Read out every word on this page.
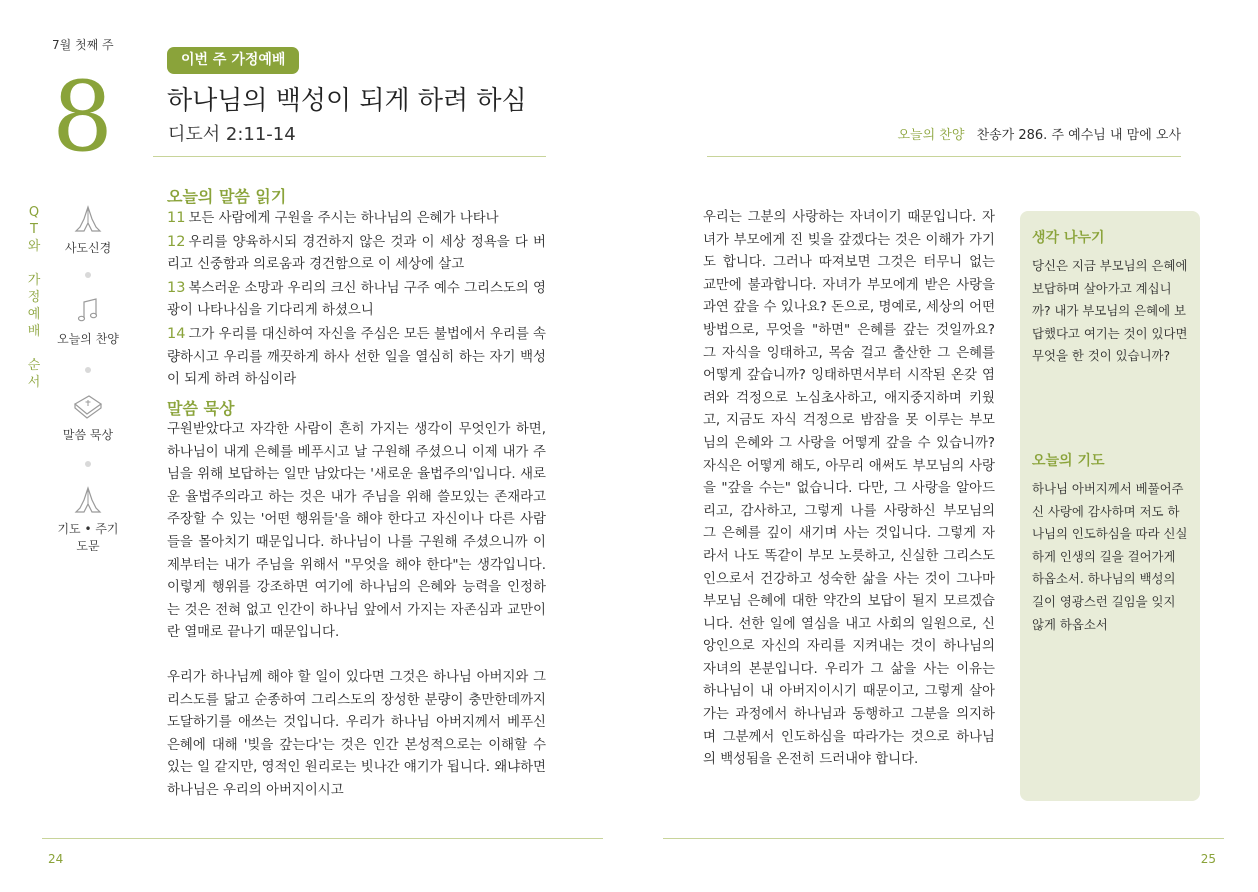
7월 첫째 주
8
이번 주 가정예배
하나님의 백성이 되게 하려 하심
디도서 2:11-14	오늘의 찬양 찬송가 286. 주 예수님 내 맘에 오사
Q
T
와

가
정
예
배

순
서
사도신경
오늘의 찬양
말씀 묵상
기도 • 주기도문
오늘의 말씀 읽기

11 모든 사람에게 구원을 주시는 하나님의 은혜가 나타나

12 우리를 양육하시되 경건하지 않은 것과 이 세상 정욕을 다 버리고 신중함과 의로움과 경건함으로 이 세상에 살고

13 복스러운 소망과 우리의 크신 하나님 구주 예수 그리스도의 영광이 나타나심을 기다리게 하셨으니

14 그가 우리를 대신하여 자신을 주심은 모든 불법에서 우리를 속량하시고 우리를 깨끗하게 하사 선한 일을 열심히 하는 자기 백성이 되게 하려 하심이라

말씀 묵상

구원받았다고 자각한 사람이 흔히 가지는 생각이 무엇인가 하면, 하나님이 내게 은혜를 베푸시고 날 구원해 주셨으니 이제 내가 주님을 위해 보답하는 일만 남았다는 '새로운 율법주의'입니다. 새로운 율법주의라고 하는 것은 내가 주님을 위해 쓸모있는 존재라고 주장할 수 있는 '어떤 행위들'을 해야 한다고 자신이나 다른 사람들을 몰아치기 때문입니다. 하나님이 나를 구원해 주셨으니까 이제부터는 내가 주님을 위해서 "무엇을 해야 한다"는 생각입니다. 이렇게 행위를 강조하면 여기에 하나님의 은혜와 능력을 인정하는 것은 전혀 없고 인간이 하나님 앞에서 가지는 자존심과 교만이란 열매로 끝나기 때문입니다.

우리가 하나님께 해야 할 일이 있다면 그것은 하나님 아버지와 그리스도를 닮고 순종하여 그리스도의 장성한 분량이 충만한데까지 도달하기를 애쓰는 것입니다. 우리가 하나님 아버지께서 베푸신 은혜에 대해 '빚을 갚는다'는 것은 인간 본성적으로는 이해할 수 있는 일 같지만, 영적인 원리로는 빗나간 얘기가 됩니다. 왜냐하면 하나님은 우리의 아버지이시고

우리는 그분의 사랑하는 자녀이기 때문입니다. 자녀가 부모에게 진 빚을 갚겠다는 것은 이해가 가기도 합니다. 그러나 따져보면 그것은 터무니 없는 교만에 불과합니다. 자녀가 부모에게 받은 사랑을 과연 갚을 수 있나요? 돈으로, 명예로, 세상의 어떤 방법으로, 무엇을 "하면" 은혜를 갚는 것일까요? 그 자식을 잉태하고, 목숨 걸고 출산한 그 은혜를 어떻게 갚습니까? 잉태하면서부터 시작된 온갖 염려와 걱정으로 노심초사하고, 애지중지하며 키웠고, 지금도 자식 걱정으로 밤잠을 못 이루는 부모님의 은혜와 그 사랑을 어떻게 갚을 수 있습니까? 자식은 어떻게 해도, 아무리 애써도 부모님의 사랑을 "갚을 수는" 없습니다. 다만, 그 사랑을 알아드리고, 감사하고, 그렇게 나를 사랑하신 부모님의 그 은혜를 깊이 새기며 사는 것입니다. 그렇게 자라서 나도 똑같이 부모 노릇하고, 신실한 그리스도인으로서 건강하고 성숙한 삶을 사는 것이 그나마 부모님 은혜에 대한 약간의 보답이 될지 모르겠습니다. 선한 일에 열심을 내고 사회의 일원으로, 신앙인으로 자신의 자리를 지켜내는 것이 하나님의 자녀의 본분입니다. 우리가 그 삶을 사는 이유는 하나님이 내 아버지이시기 때문이고, 그렇게 살아가는 과정에서 하나님과 동행하고 그분을 의지하며 그분께서 인도하심을 따라가는 것으로 하나님의 백성됨을 온전히 드러내야 합니다.

생각 나누기

당신은 지금 부모님의 은혜에 보답하며 살아가고 계십니까? 내가 부모님의 은혜에 보답했다고 여기는 것이 있다면 무엇을 한 것이 있습니까?

오늘의 기도

하나님 아버지께서 베풀어주신 사랑에 감사하며 저도 하나님의 인도하심을 따라 신실하게 인생의 길을 걸어가게 하옵소서. 하나님의 백성의 길이 영광스런 길임을 잊지 않게 하옵소서

24	25
